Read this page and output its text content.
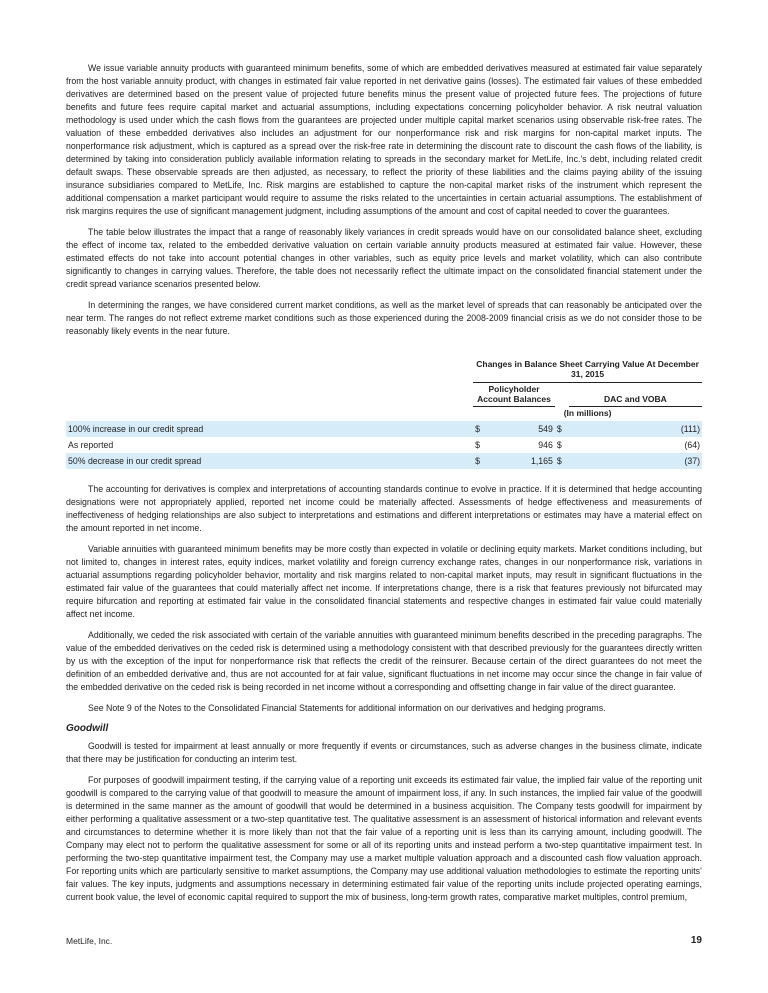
We issue variable annuity products with guaranteed minimum benefits, some of which are embedded derivatives measured at estimated fair value separately from the host variable annuity product, with changes in estimated fair value reported in net derivative gains (losses). The estimated fair values of these embedded derivatives are determined based on the present value of projected future benefits minus the present value of projected future fees. The projections of future benefits and future fees require capital market and actuarial assumptions, including expectations concerning policyholder behavior. A risk neutral valuation methodology is used under which the cash flows from the guarantees are projected under multiple capital market scenarios using observable risk-free rates. The valuation of these embedded derivatives also includes an adjustment for our nonperformance risk and risk margins for non-capital market inputs. The nonperformance risk adjustment, which is captured as a spread over the risk-free rate in determining the discount rate to discount the cash flows of the liability, is determined by taking into consideration publicly available information relating to spreads in the secondary market for MetLife, Inc.’s debt, including related credit default swaps. These observable spreads are then adjusted, as necessary, to reflect the priority of these liabilities and the claims paying ability of the issuing insurance subsidiaries compared to MetLife, Inc. Risk margins are established to capture the non-capital market risks of the instrument which represent the additional compensation a market participant would require to assume the risks related to the uncertainties in certain actuarial assumptions. The establishment of risk margins requires the use of significant management judgment, including assumptions of the amount and cost of capital needed to cover the guarantees.

The table below illustrates the impact that a range of reasonably likely variances in credit spreads would have on our consolidated balance sheet, excluding the effect of income tax, related to the embedded derivative valuation on certain variable annuity products measured at estimated fair value. However, these estimated effects do not take into account potential changes in other variables, such as equity price levels and market volatility, which can also contribute significantly to changes in carrying values. Therefore, the table does not necessarily reflect the ultimate impact on the consolidated financial statement under the credit spread variance scenarios presented below.

In determining the ranges, we have considered current market conditions, as well as the market level of spreads that can reasonably be anticipated over the near term. The ranges do not reflect extreme market conditions such as those experienced during the 2008-2009 financial crisis as we do not consider those to be reasonably likely events in the near future.

	Changes in Balance Sheet Carrying Value At December 31, 2015			
	Policyholder Account Balances			DAC and VOBA
	(In millions)			
100% increase in our credit spread	$	549	$	(111)
As reported	$	946	$	(64)
50% decrease in our credit spread	$	1,165	$	(37)

The accounting for derivatives is complex and interpretations of accounting standards continue to evolve in practice. If it is determined that hedge accounting designations were not appropriately applied, reported net income could be materially affected. Assessments of hedge effectiveness and measurements of ineffectiveness of hedging relationships are also subject to interpretations and estimations and different interpretations or estimates may have a material effect on the amount reported in net income.

Variable annuities with guaranteed minimum benefits may be more costly than expected in volatile or declining equity markets. Market conditions including, but not limited to, changes in interest rates, equity indices, market volatility and foreign currency exchange rates, changes in our nonperformance risk, variations in actuarial assumptions regarding policyholder behavior, mortality and risk margins related to non-capital market inputs, may result in significant fluctuations in the estimated fair value of the guarantees that could materially affect net income. If interpretations change, there is a risk that features previously not bifurcated may require bifurcation and reporting at estimated fair value in the consolidated financial statements and respective changes in estimated fair value could materially affect net income.

Additionally, we ceded the risk associated with certain of the variable annuities with guaranteed minimum benefits described in the preceding paragraphs. The value of the embedded derivatives on the ceded risk is determined using a methodology consistent with that described previously for the guarantees directly written by us with the exception of the input for nonperformance risk that reflects the credit of the reinsurer. Because certain of the direct guarantees do not meet the definition of an embedded derivative and, thus are not accounted for at fair value, significant fluctuations in net income may occur since the change in fair value of the embedded derivative on the ceded risk is being recorded in net income without a corresponding and offsetting change in fair value of the direct guarantee.

See Note 9 of the Notes to the Consolidated Financial Statements for additional information on our derivatives and hedging programs.

Goodwill

Goodwill is tested for impairment at least annually or more frequently if events or circumstances, such as adverse changes in the business climate, indicate that there may be justification for conducting an interim test.

For purposes of goodwill impairment testing, if the carrying value of a reporting unit exceeds its estimated fair value, the implied fair value of the reporting unit goodwill is compared to the carrying value of that goodwill to measure the amount of impairment loss, if any. In such instances, the implied fair value of the goodwill is determined in the same manner as the amount of goodwill that would be determined in a business acquisition. The Company tests goodwill for impairment by either performing a qualitative assessment or a two-step quantitative test. The qualitative assessment is an assessment of historical information and relevant events and circumstances to determine whether it is more likely than not that the fair value of a reporting unit is less than its carrying amount, including goodwill. The Company may elect not to perform the qualitative assessment for some or all of its reporting units and instead perform a two-step quantitative impairment test. In performing the two-step quantitative impairment test, the Company may use a market multiple valuation approach and a discounted cash flow valuation approach. For reporting units which are particularly sensitive to market assumptions, the Company may use additional valuation methodologies to estimate the reporting units’ fair values. The key inputs, judgments and assumptions necessary in determining estimated fair value of the reporting units include projected operating earnings, current book value, the level of economic capital required to support the mix of business, long-term growth rates, comparative market multiples, control premium,

MetLife, Inc.	19
